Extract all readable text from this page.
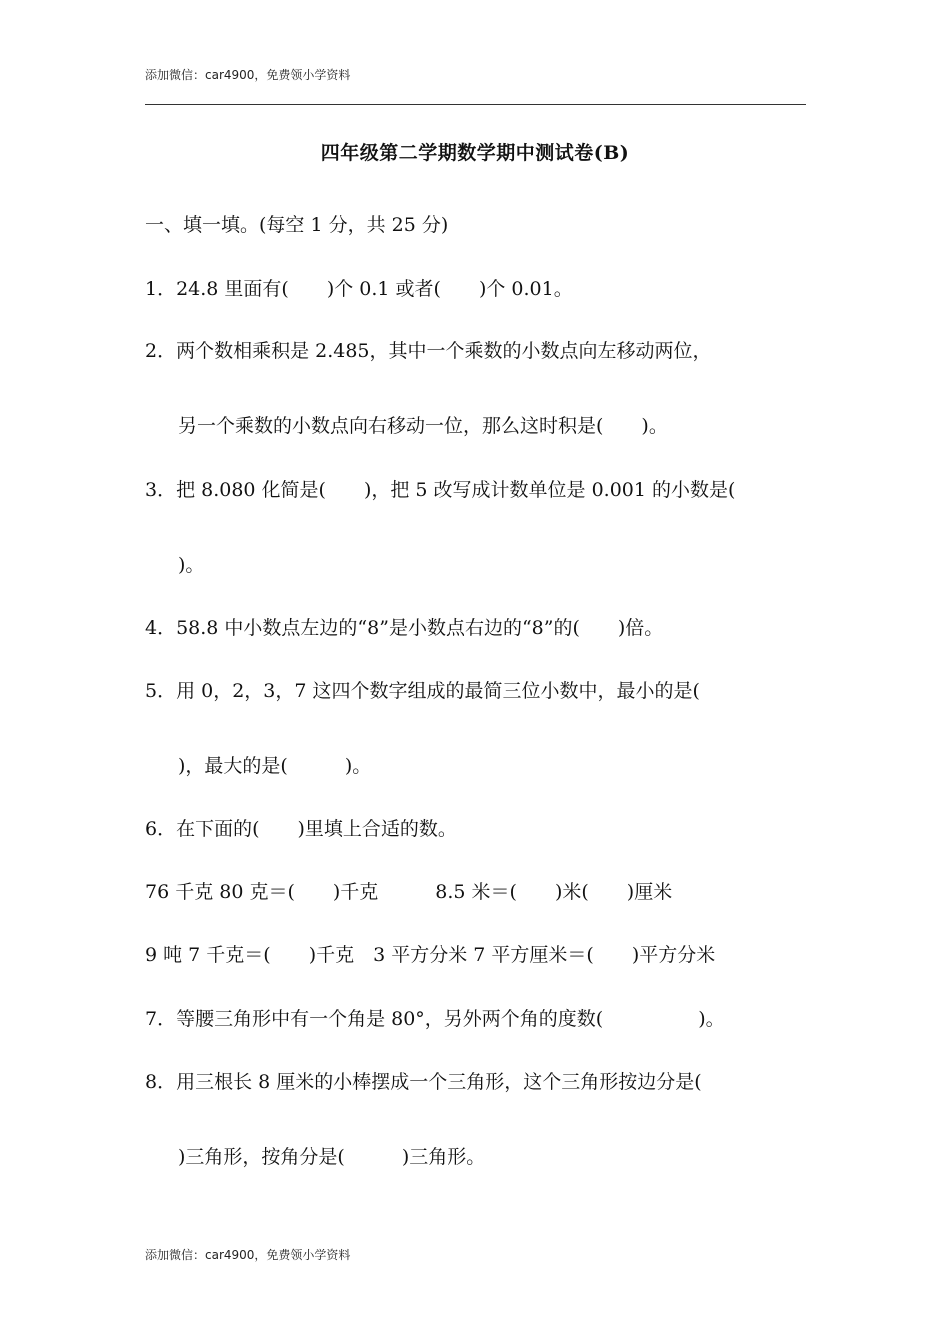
添加微信：car4900，免费领小学资料
四年级第二学期数学期中测试卷(B)
一、填一填。(每空 1 分，共 25 分)
1．24.8 里面有(　　)个 0.1 或者(　　)个 0.01。
2．两个数相乘积是 2.485，其中一个乘数的小数点向左移动两位，
另一个乘数的小数点向右移动一位，那么这时积是(　　)。
3．把 8.080 化简是(　　)，把 5 改写成计数单位是 0.001 的小数是(
)。
4．58.8 中小数点左边的“8”是小数点右边的“8”的(　　)倍。
5．用 0，2，3，7 这四个数字组成的最简三位小数中，最小的是(
)，最大的是(　　　)。
6．在下面的(　　)里填上合适的数。
76 千克 80 克＝(　　)千克　　　8.5 米＝(　　)米(　　)厘米
9 吨 7 千克＝(　　)千克　3 平方分米 7 平方厘米＝(　　)平方分米
7．等腰三角形中有一个角是 80°，另外两个角的度数(　　　　　)。
8．用三根长 8 厘米的小棒摆成一个三角形，这个三角形按边分是(
)三角形，按角分是(　　　)三角形。
添加微信：car4900，免费领小学资料
